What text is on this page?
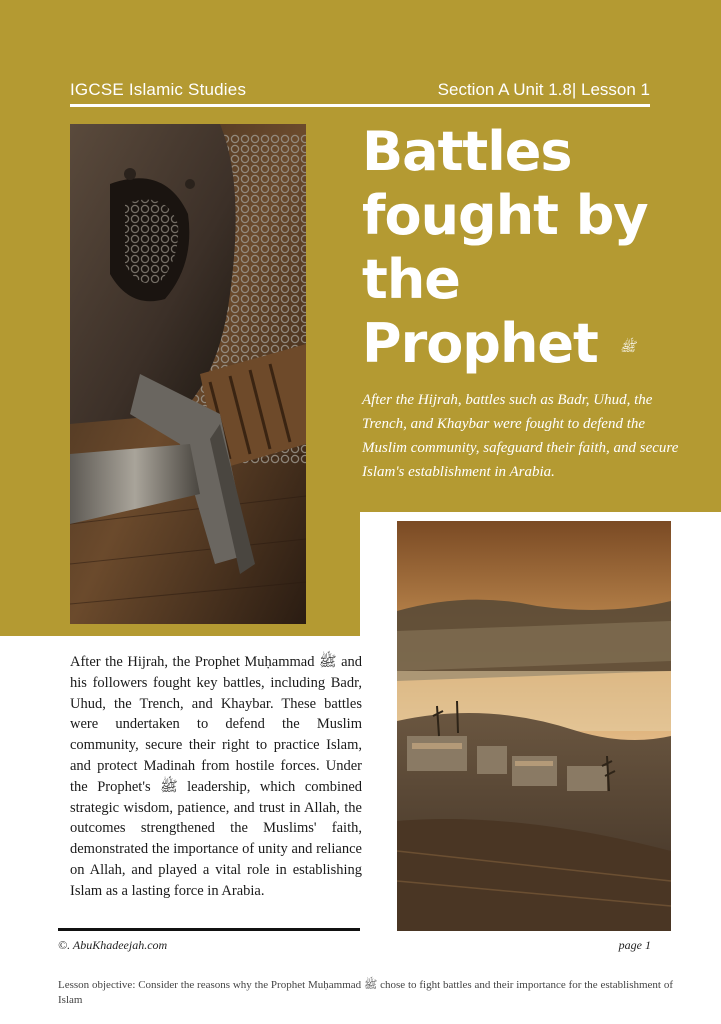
IGCSE Islamic Studies	Section A Unit 1.8| Lesson 1
Battles
fought by
the
Prophet ﷺ
After the Hijrah, battles such as Badr, Uhud, the Trench, and Khaybar were fought to defend the Muslim community, safeguard their faith, and secure Islam's establishment in Arabia.
After the Hijrah, the Prophet Muḥammad ﷺ and his followers fought key battles, including Badr, Uhud, the Trench, and Khaybar. These battles were undertaken to defend the Muslim community, secure their right to practice Islam, and protect Madinah from hostile forces. Under the Prophet's ﷺ leadership, which combined strategic wisdom, patience, and trust in Allah, the outcomes strengthened the Muslims' faith, demonstrated the importance of unity and reliance on Allah, and played a vital role in establishing Islam as a lasting force in Arabia.
©. AbuKhadeejah.com	page 1
Lesson objective: Consider the reasons why the Prophet Muḥammad ﷺ chose to fight battles and their importance for the establishment of Islam
